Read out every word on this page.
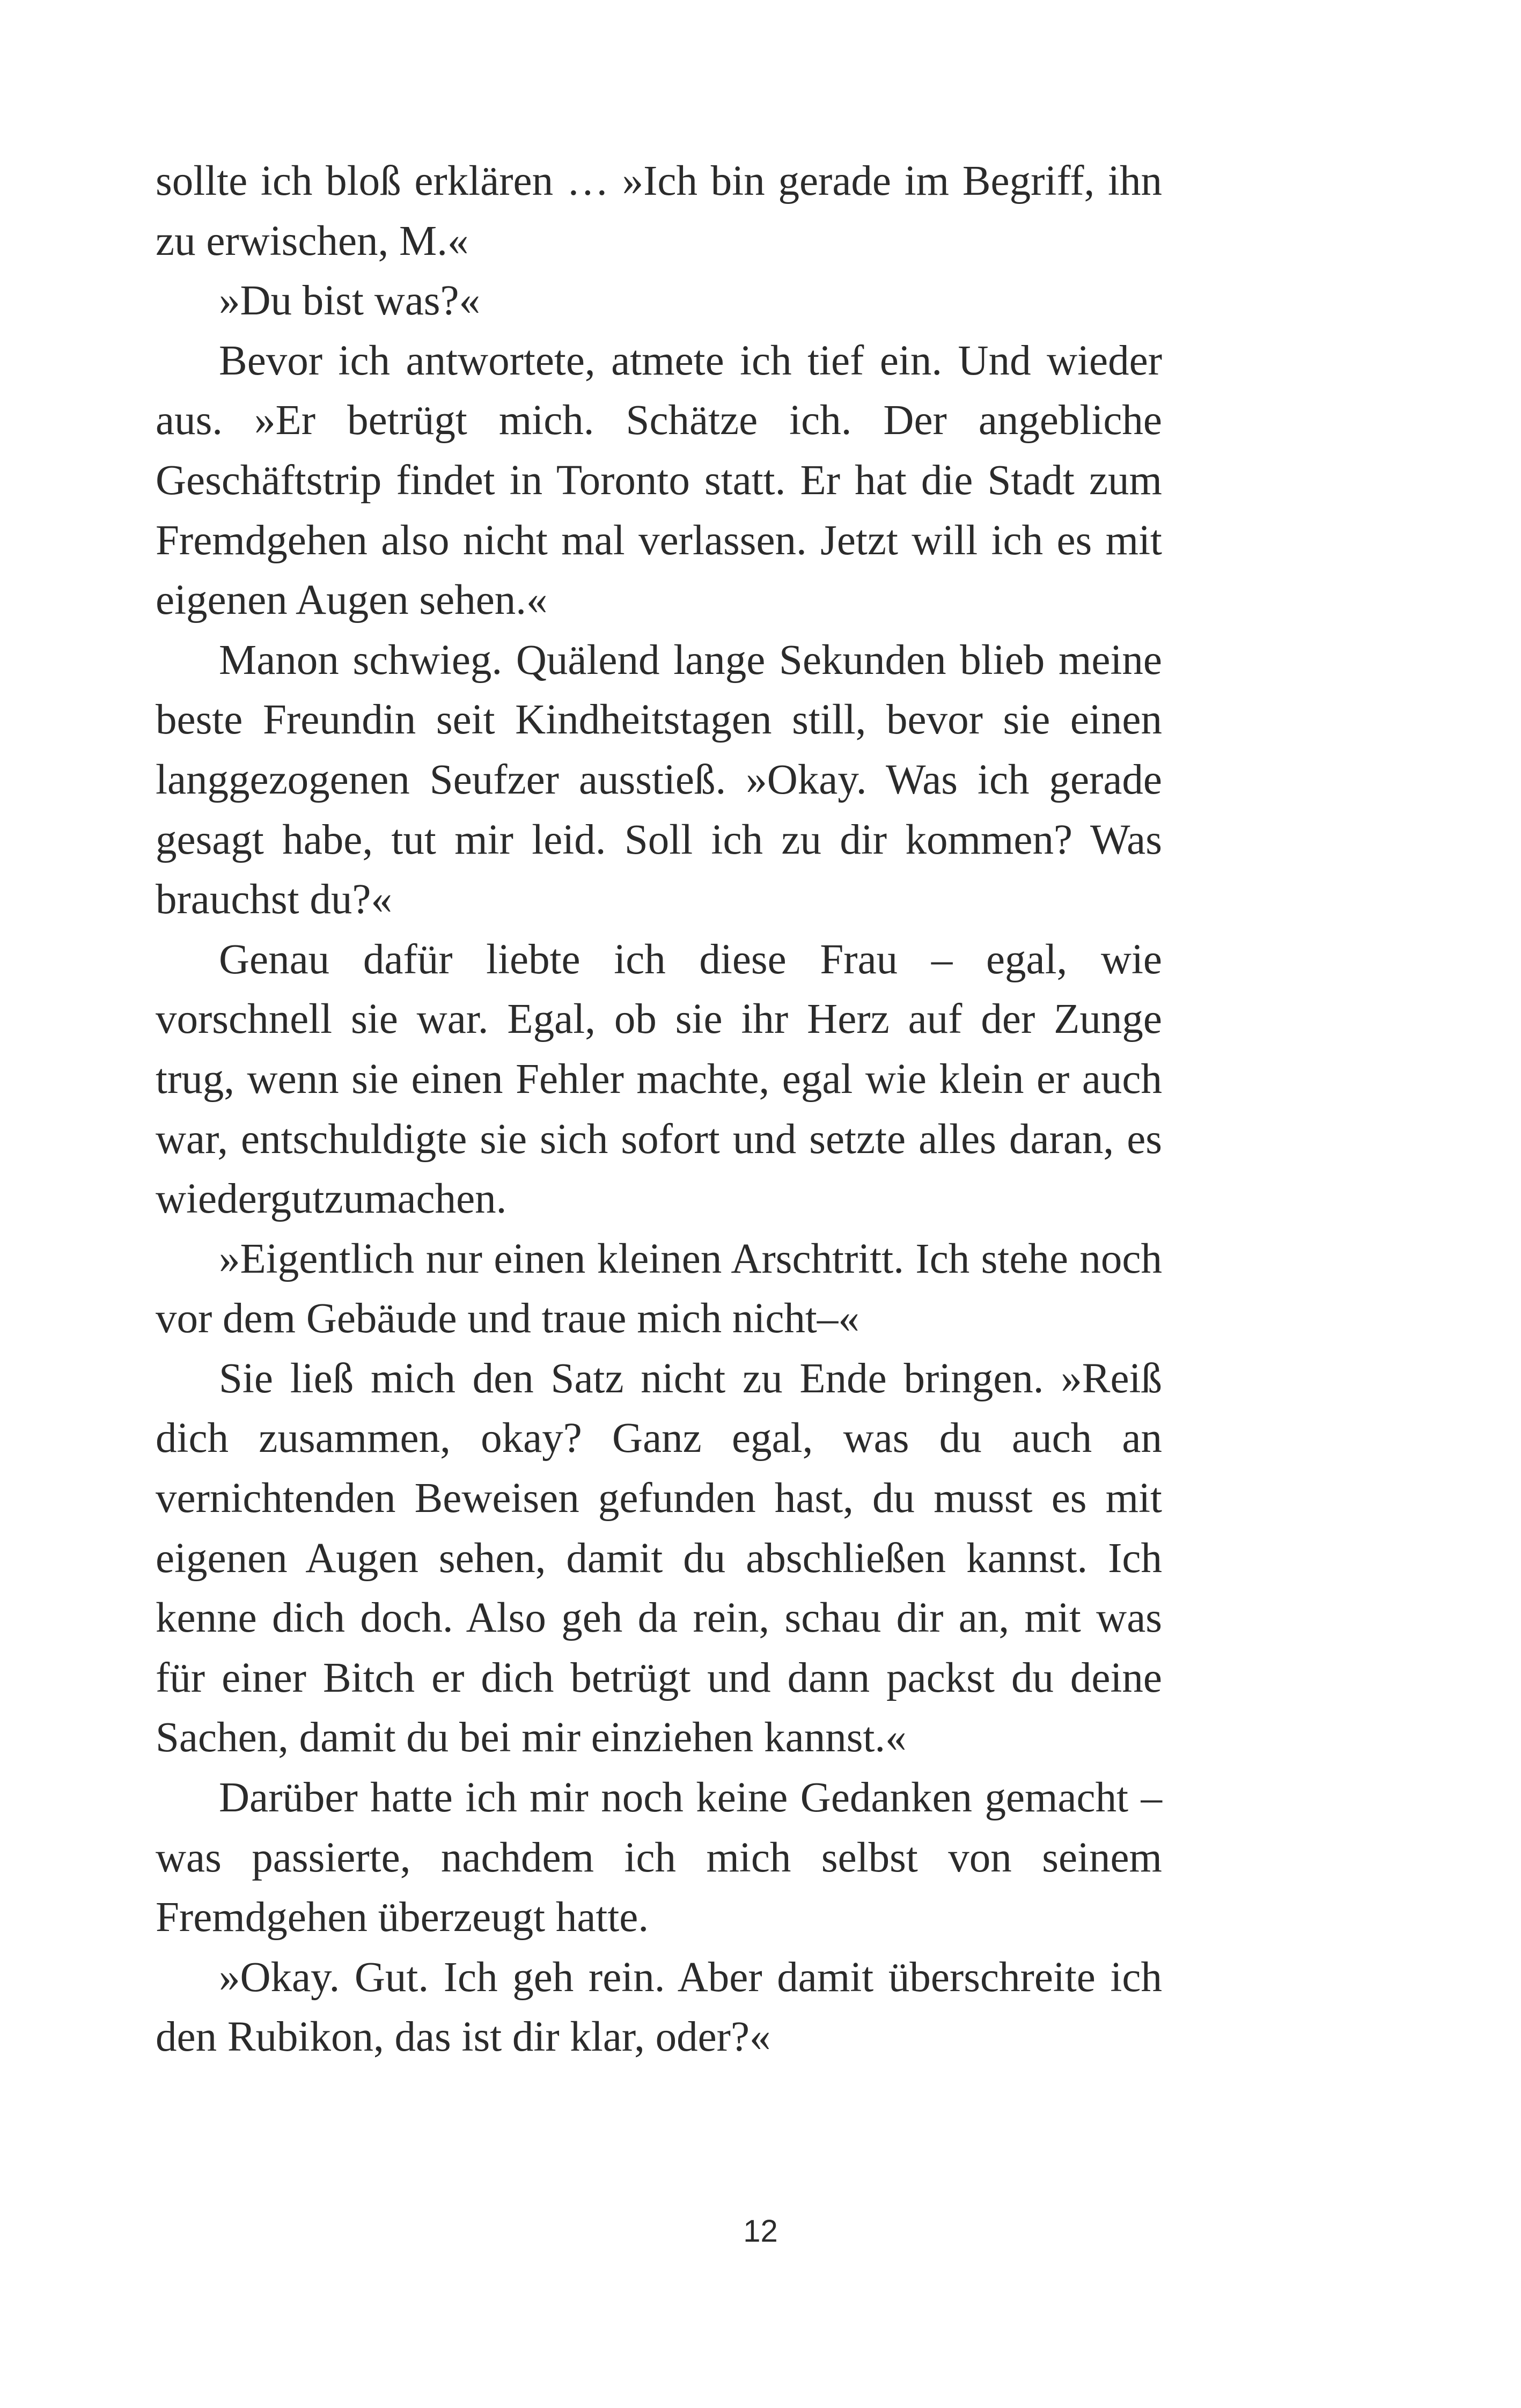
sollte ich bloß erklären … »Ich bin gerade im Begriff, ihn zu erwischen, M.«

»Du bist was?«

Bevor ich antwortete, atmete ich tief ein. Und wieder aus. »Er betrügt mich. Schätze ich. Der angebliche Geschäftstrip findet in Toronto statt. Er hat die Stadt zum Fremdgehen also nicht mal verlassen. Jetzt will ich es mit eigenen Augen sehen.«

Manon schwieg. Quälend lange Sekunden blieb meine beste Freundin seit Kindheitstagen still, bevor sie einen langgezogenen Seufzer ausstieß. »Okay. Was ich gerade gesagt habe, tut mir leid. Soll ich zu dir kommen? Was brauchst du?«

Genau dafür liebte ich diese Frau – egal, wie vorschnell sie war. Egal, ob sie ihr Herz auf der Zunge trug, wenn sie einen Fehler machte, egal wie klein er auch war, entschuldigte sie sich sofort und setzte alles daran, es wiedergutzumachen.

»Eigentlich nur einen kleinen Arschtritt. Ich stehe noch vor dem Gebäude und traue mich nicht–«

Sie ließ mich den Satz nicht zu Ende bringen. »Reiß dich zusammen, okay? Ganz egal, was du auch an vernichtenden Beweisen gefunden hast, du musst es mit eigenen Augen sehen, damit du abschließen kannst. Ich kenne dich doch. Also geh da rein, schau dir an, mit was für einer Bitch er dich betrügt und dann packst du deine Sachen, damit du bei mir einziehen kannst.«

Darüber hatte ich mir noch keine Gedanken gemacht – was passierte, nachdem ich mich selbst von seinem Fremdgehen überzeugt hatte.

»Okay. Gut. Ich geh rein. Aber damit überschreite ich den Rubikon, das ist dir klar, oder?«

12
